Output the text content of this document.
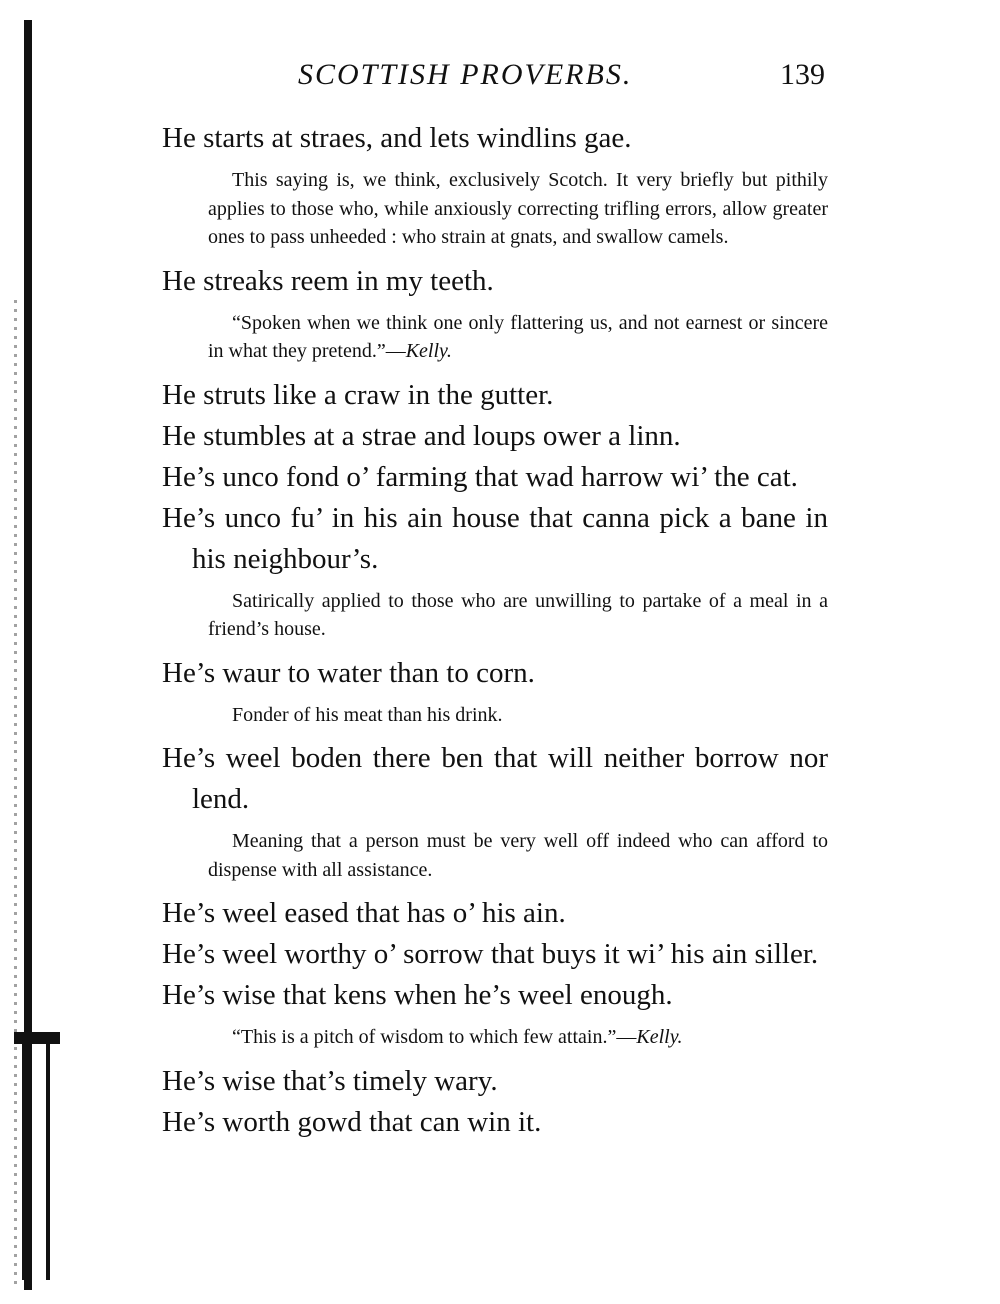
SCOTTISH PROVERBS.	139

He starts at straes, and lets windlins gae.

This saying is, we think, exclusively Scotch. It very briefly but pithily applies to those who, while anxiously correcting trifling errors, allow greater ones to pass unheeded : who strain at gnats, and swallow camels.

He streaks reem in my teeth.

“Spoken when we think one only flattering us, and not earnest or sincere in what they pretend.”—Kelly.

He struts like a craw in the gutter.

He stumbles at a strae and loups ower a linn.

He’s unco fond o’ farming that wad harrow wi’ the cat.

He’s unco fu’ in his ain house that canna pick a bane in his neighbour’s.

Satirically applied to those who are unwilling to partake of a meal in a friend’s house.

He’s waur to water than to corn.

Fonder of his meat than his drink.

He’s weel boden there ben that will neither borrow nor lend.

Meaning that a person must be very well off indeed who can afford to dispense with all assistance.

He’s weel eased that has o’ his ain.

He’s weel worthy o’ sorrow that buys it wi’ his ain siller.

He’s wise that kens when he’s weel enough.

“This is a pitch of wisdom to which few attain.”—Kelly.

He’s wise that’s timely wary.

He’s worth gowd that can win it.
